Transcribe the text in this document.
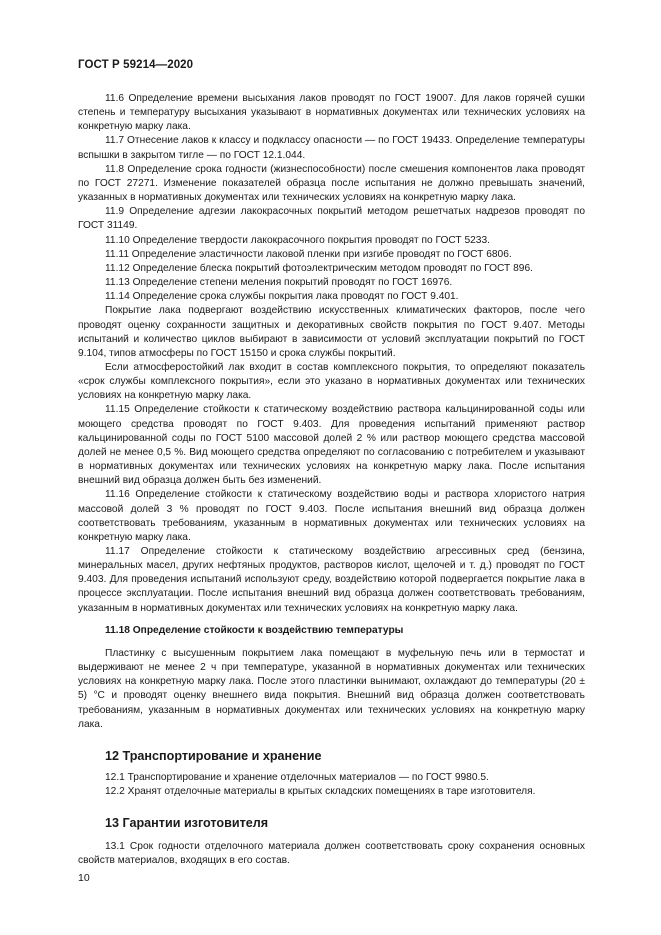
ГОСТ Р 59214—2020

11.6 Определение времени высыхания лаков проводят по ГОСТ 19007. Для лаков горячей сушки степень и температуру высыхания указывают в нормативных документах или технических условиях на конкретную марку лака.

11.7 Отнесение лаков к классу и подклассу опасности — по ГОСТ 19433. Определение температуры вспышки в закрытом тигле — по ГОСТ 12.1.044.

11.8 Определение срока годности (жизнеспособности) после смешения компонентов лака проводят по ГОСТ 27271. Изменение показателей образца после испытания не должно превышать значений, указанных в нормативных документах или технических условиях на конкретную марку лака.

11.9 Определение адгезии лакокрасочных покрытий методом решетчатых надрезов проводят по ГОСТ 31149.

11.10 Определение твердости лакокрасочного покрытия проводят по ГОСТ 5233.

11.11 Определение эластичности лаковой пленки при изгибе проводят по ГОСТ 6806.

11.12 Определение блеска покрытий фотоэлектрическим методом проводят по ГОСТ 896.

11.13 Определение степени меления покрытий проводят по ГОСТ 16976.

11.14 Определение срока службы покрытия лака проводят по ГОСТ 9.401.

Покрытие лака подвергают воздействию искусственных климатических факторов, после чего проводят оценку сохранности защитных и декоративных свойств покрытия по ГОСТ 9.407. Методы испытаний и количество циклов выбирают в зависимости от условий эксплуатации покрытий по ГОСТ 9.104, типов атмосферы по ГОСТ 15150 и срока службы покрытий.

Если атмосферостойкий лак входит в состав комплексного покрытия, то определяют показатель «срок службы комплексного покрытия», если это указано в нормативных документах или технических условиях на конкретную марку лака.

11.15 Определение стойкости к статическому воздействию раствора кальцинированной соды или моющего средства проводят по ГОСТ 9.403. Для проведения испытаний применяют раствор кальцинированной соды по ГОСТ 5100 массовой долей 2 % или раствор моющего средства массовой долей не менее 0,5 %. Вид моющего средства определяют по согласованию с потребителем и указывают в нормативных документах или технических условиях на конкретную марку лака. После испытания внешний вид образца должен быть без изменений.

11.16 Определение стойкости к статическому воздействию воды и раствора хлористого натрия массовой долей 3 % проводят по ГОСТ 9.403. После испытания внешний вид образца должен соответствовать требованиям, указанным в нормативных документах или технических условиях на конкретную марку лака.

11.17 Определение стойкости к статическому воздействию агрессивных сред (бензина, минеральных масел, других нефтяных продуктов, растворов кислот, щелочей и т. д.) проводят по ГОСТ 9.403. Для проведения испытаний используют среду, воздействию которой подвергается покрытие лака в процессе эксплуатации. После испытания внешний вид образца должен соответствовать требованиям, указанным в нормативных документах или технических условиях на конкретную марку лака.

11.18 Определение стойкости к воздействию температуры

Пластинку с высушенным покрытием лака помещают в муфельную печь или в термостат и выдерживают не менее 2 ч при температуре, указанной в нормативных документах или технических условиях на конкретную марку лака. После этого пластинки вынимают, охлаждают до температуры (20 ± 5) °С и проводят оценку внешнего вида покрытия. Внешний вид образца должен соответствовать требованиям, указанным в нормативных документах или технических условиях на конкретную марку лака.

12 Транспортирование и хранение

12.1 Транспортирование и хранение отделочных материалов — по ГОСТ 9980.5.

12.2 Хранят отделочные материалы в крытых складских помещениях в таре изготовителя.

13 Гарантии изготовителя

13.1 Срок годности отделочного материала должен соответствовать сроку сохранения основных свойств материалов, входящих в его состав.

10
